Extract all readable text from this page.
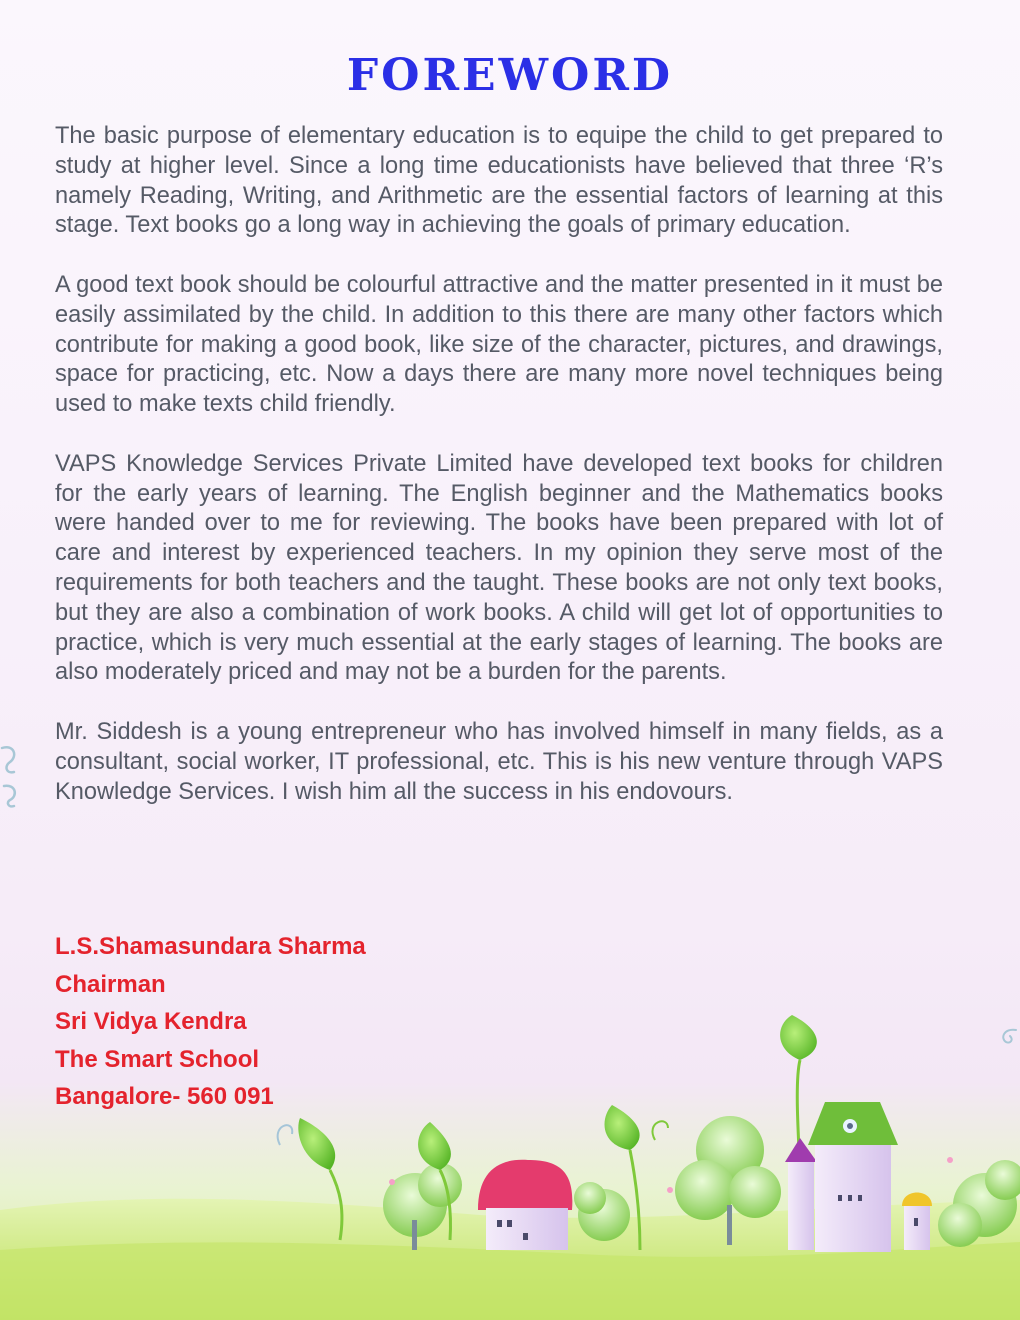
FOREWORD

The basic purpose of elementary education is to equipe the child to get prepared to study at higher level. Since a long time educationists have believed that three ‘R’s namely Reading, Writing, and Arithmetic are the essential factors of learning at this stage. Text books go a long way in achieving the goals of primary education.

A good text book should be colourful attractive and the matter presented in it must be easily assimilated by the child. In addition to this there are many other factors which contribute for making a good book, like size of the character, pictures, and drawings, space for practicing, etc. Now a days there are many more novel techniques being used to make texts child friendly.

VAPS Knowledge Services Private Limited have developed text books for children for the early years of learning. The English beginner and the Mathematics books were handed over to me for reviewing. The books have been prepared with lot of care and interest by experienced teachers. In my opinion they serve most of the requirements for both teachers and the taught. These books are not only text books, but they are also a combination of work books. A child will get lot of opportunities to practice, which is very much essential at the early stages of learning. The books are also moderately priced and may not be a burden for the parents.

Mr. Siddesh is a young entrepreneur who has involved himself in many fields, as a consultant, social worker, IT professional, etc. This is his new venture through VAPS Knowledge Services. I wish him all the success in his endovours.

L.S.Shamasundara Sharma
Chairman
Sri Vidya Kendra
The Smart School
Bangalore- 560 091
